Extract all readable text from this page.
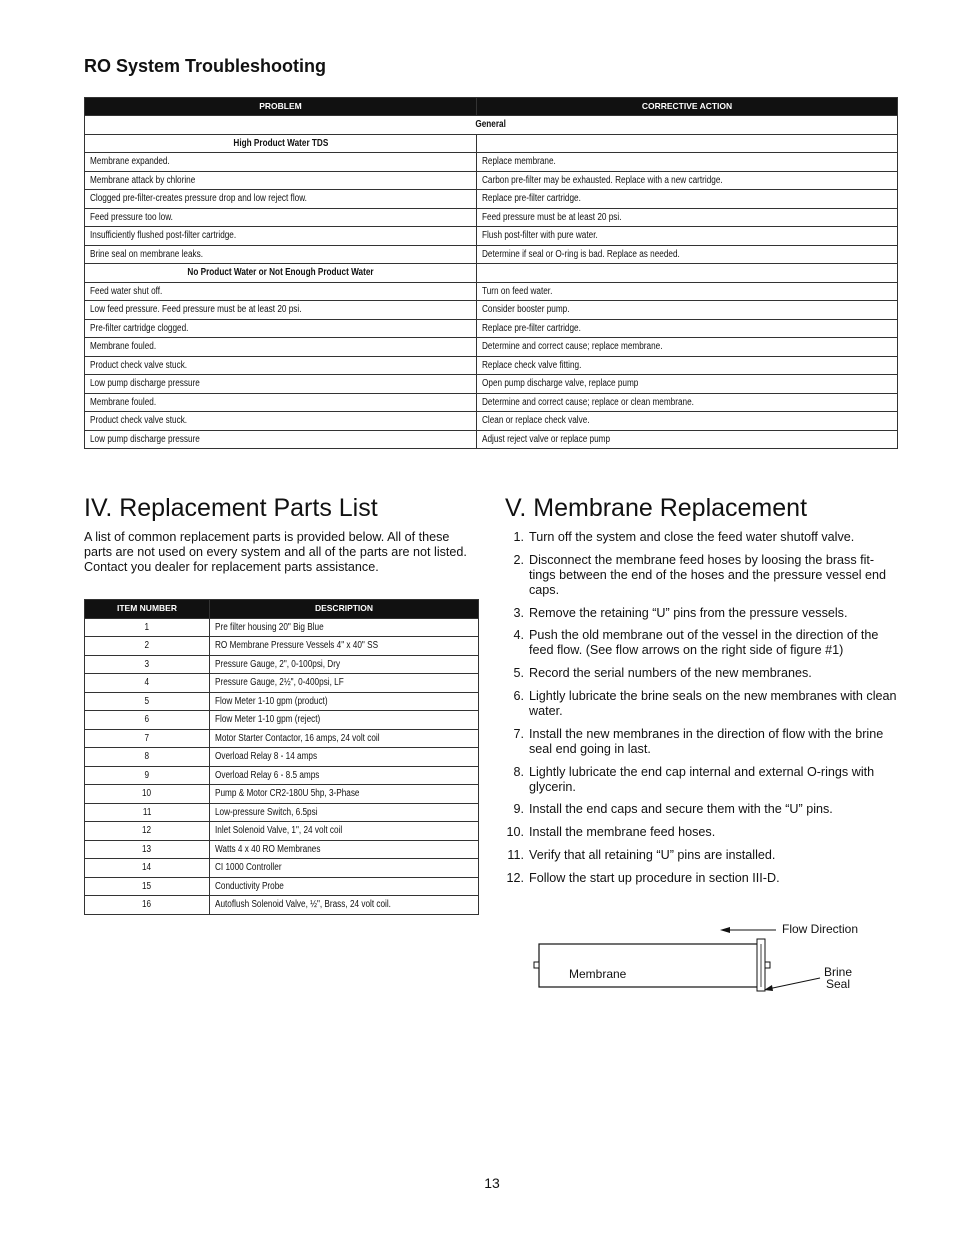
RO System Troubleshooting
PROBLEM	CORRECTIVE ACTION
General	
High Product Water TDS	
Membrane expanded.	Replace membrane.
Membrane attack by chlorine	Carbon pre-filter may be exhausted. Replace with a new cartridge.
Clogged pre-filter-creates pressure drop and low reject flow.	Replace pre-filter cartridge.
Feed pressure too low.	Feed pressure must be at least 20 psi.
Insufficiently flushed post-filter cartridge.	Flush post-filter with pure water.
Brine seal on membrane leaks.	Determine if seal or O-ring is bad. Replace as needed.
No Product Water or Not Enough Product Water	
Feed water shut off.	Turn on feed water.
Low feed pressure. Feed pressure must be at least 20 psi.	Consider booster pump.
Pre-filter cartridge clogged.	Replace pre-filter cartridge.
Membrane fouled.	Determine and correct cause; replace membrane.
Product check valve stuck.	Replace check valve fitting.
Low pump discharge pressure	Open pump discharge valve, replace pump
Membrane fouled.	Determine and correct cause; replace or clean membrane.
Product check valve stuck.	Clean or replace check valve.
Low pump discharge pressure	Adjust reject valve or replace pump
IV. Replacement Parts List
A list of common replacement parts is provided below. All of these parts are not used on every system and all of the parts are not listed. Contact you dealer for replacement parts assistance.
ITEM NUMBER	DESCRIPTION
1	Pre filter housing 20" Big Blue
2	RO Membrane Pressure Vessels 4" x 40" SS
3	Pressure Gauge, 2", 0-100psi, Dry
4	Pressure Gauge, 2½", 0-400psi, LF
5	Flow Meter 1-10 gpm (product)
6	Flow Meter 1-10 gpm (reject)
7	Motor Starter Contactor, 16 amps, 24 volt coil
8	Overload Relay 8 - 14 amps
9	Overload Relay 6 - 8.5 amps
10	Pump & Motor CR2-180U 5hp, 3-Phase
11	Low-pressure Switch, 6.5psi
12	Inlet Solenoid Valve, 1", 24 volt coil
13	Watts 4 x 40 RO Membranes
14	CI 1000 Controller
15	Conductivity Probe
16	Autoflush Solenoid Valve, ½", Brass, 24 volt coil.
V. Membrane Replacement
1. Turn off the system and close the feed water shutoff valve.
2. Disconnect the membrane feed hoses by loosing the brass fit-tings between the end of the hoses and the pressure vessel end caps.
3. Remove the retaining “U” pins from the pressure vessels.
4. Push the old membrane out of the vessel in the direction of the feed flow. (See flow arrows on the right side of figure #1)
5. Record the serial numbers of the new membranes.
6. Lightly lubricate the brine seals on the new membranes with clean water.
7. Install the new membranes in the direction of flow with the brine seal end going in last.
8. Lightly lubricate the end cap internal and external O-rings with glycerin.
9. Install the end caps and secure them with the “U” pins.
10. Install the membrane feed hoses.
11. Verify that all retaining “U” pins are installed.
12. Follow the start up procedure in section III-D.
Flow Direction
Membrane	Brine
Seal
13
